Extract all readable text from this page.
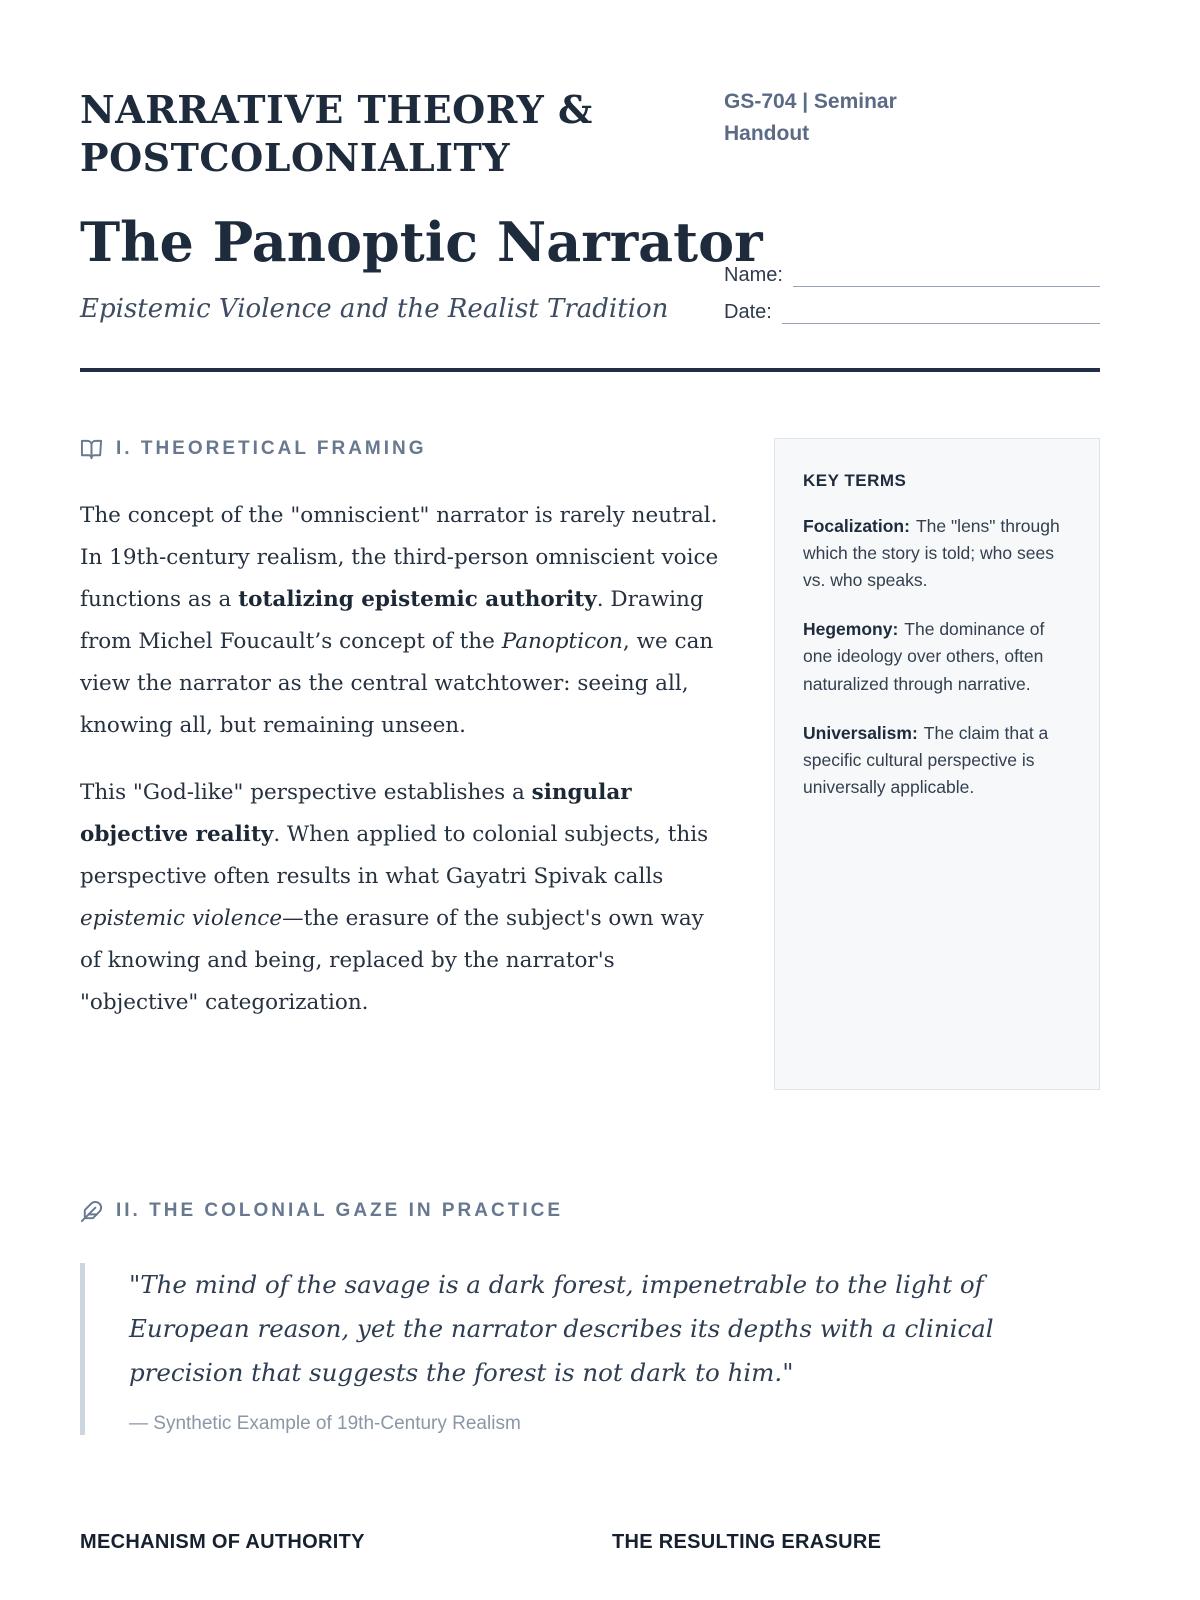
NARRATIVE THEORY & POSTCOLONIALITY
The Panoptic Narrator
Epistemic Violence and the Realist Tradition
GS-704 | Seminar Handout
Name:
Date:
I. THEORETICAL FRAMING

The concept of the "omniscient" narrator is rarely neutral. In 19th-century realism, the third-person omniscient voice functions as a totalizing epistemic authority. Drawing from Michel Foucault’s concept of the Panopticon, we can view the narrator as the central watchtower: seeing all, knowing all, but remaining unseen.

This "God-like" perspective establishes a singular objective reality. When applied to colonial subjects, this perspective often results in what Gayatri Spivak calls epistemic violence—the erasure of the subject's own way of knowing and being, replaced by the narrator's "objective" categorization.

KEY TERMS

Focalization: The "lens" through which the story is told; who sees vs. who speaks.

Hegemony: The dominance of one ideology over others, often naturalized through narrative.

Universalism: The claim that a specific cultural perspective is universally applicable.

II. THE COLONIAL GAZE IN PRACTICE
"The mind of the savage is a dark forest, impenetrable to the light of European reason, yet the narrator describes its depths with a clinical precision that suggests the forest is not dark to him."
— Synthetic Example of 19th-Century Realism
MECHANISM OF AUTHORITY	THE RESULTING ERASURE
